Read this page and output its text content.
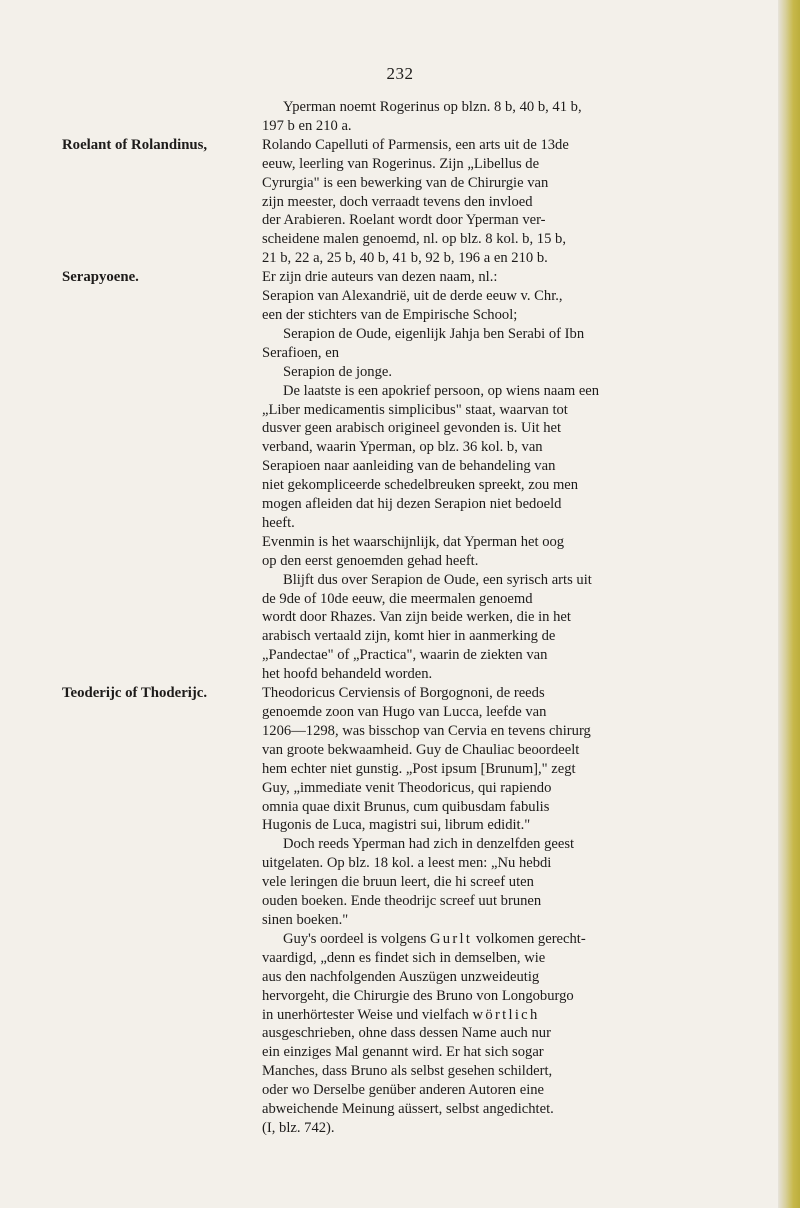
232
Yperman noemt Rogerinus op blzn. 8 b, 40 b, 41 b,
197 b en 210 a.
Roelant of Rolandinus,	Rolando Capelluti of Parmensis, een arts uit de 13de
eeuw, leerling van Rogerinus. Zijn „Libellus de
Cyrurgia" is een bewerking van de Chirurgie van
zijn meester, doch verraadt tevens den invloed
der Arabieren. Roelant wordt door Yperman ver-
scheidene malen genoemd, nl. op blz. 8 kol. b, 15 b,
21 b, 22 a, 25 b, 40 b, 41 b, 92 b, 196 a en 210 b.
Serapyoene.	Er zijn drie auteurs van dezen naam, nl.:
Serapion van Alexandrië, uit de derde eeuw v. Chr.,
een der stichters van de Empirische School;
Serapion de Oude, eigenlijk Jahja ben Serabi of Ibn
Serafioen, en
Serapion de jonge.
De laatste is een apokrief persoon, op wiens naam een
„Liber medicamentis simplicibus" staat, waarvan tot
dusver geen arabisch origineel gevonden is. Uit het
verband, waarin Yperman, op blz. 36 kol. b, van
Serapioen naar aanleiding van de behandeling van
niet gekompliceerde schedelbreuken spreekt, zou men
mogen afleiden dat hij dezen Serapion niet bedoeld
heeft.
Evenmin is het waarschijnlijk, dat Yperman het oog
op den eerst genoemden gehad heeft.
Blijft dus over Serapion de Oude, een syrisch arts uit
de 9de of 10de eeuw, die meermalen genoemd
wordt door Rhazes. Van zijn beide werken, die in het
arabisch vertaald zijn, komt hier in aanmerking de
„Pandectae" of „Practica", waarin de ziekten van
het hoofd behandeld worden.
Teoderijc of Thoderijc.	Theodoricus Cerviensis of Borgognoni, de reeds
genoemde zoon van Hugo van Lucca, leefde van
1206—1298, was bisschop van Cervia en tevens chirurg
van groote bekwaamheid. Guy de Chauliac beoordeelt
hem echter niet gunstig. „Post ipsum [Brunum]," zegt
Guy, „immediate venit Theodoricus, qui rapiendo
omnia quae dixit Brunus, cum quibusdam fabulis
Hugonis de Luca, magistri sui, librum edidit."
Doch reeds Yperman had zich in denzelfden geest
uitgelaten. Op blz. 18 kol. a leest men: „Nu hebdi
vele leringen die bruun leert, die hi screef uten
ouden boeken. Ende theodrijc screef uut brunen
sinen boeken."
Guy's oordeel is volgens Gurlt volkomen gerecht-
vaardigd, „denn es findet sich in demselben, wie
aus den nachfolgenden Auszügen unzweideutig
hervorgeht, die Chirurgie des Bruno von Longoburgo
in unerhörtester Weise und vielfach wörtlich
ausgeschrieben, ohne dass dessen Name auch nur
ein einziges Mal genannt wird. Er hat sich sogar
Manches, dass Bruno als selbst gesehen schildert,
oder wo Derselbe genüber anderen Autoren eine
abweichende Meinung aüssert, selbst angedichtet.
(I, blz. 742).
